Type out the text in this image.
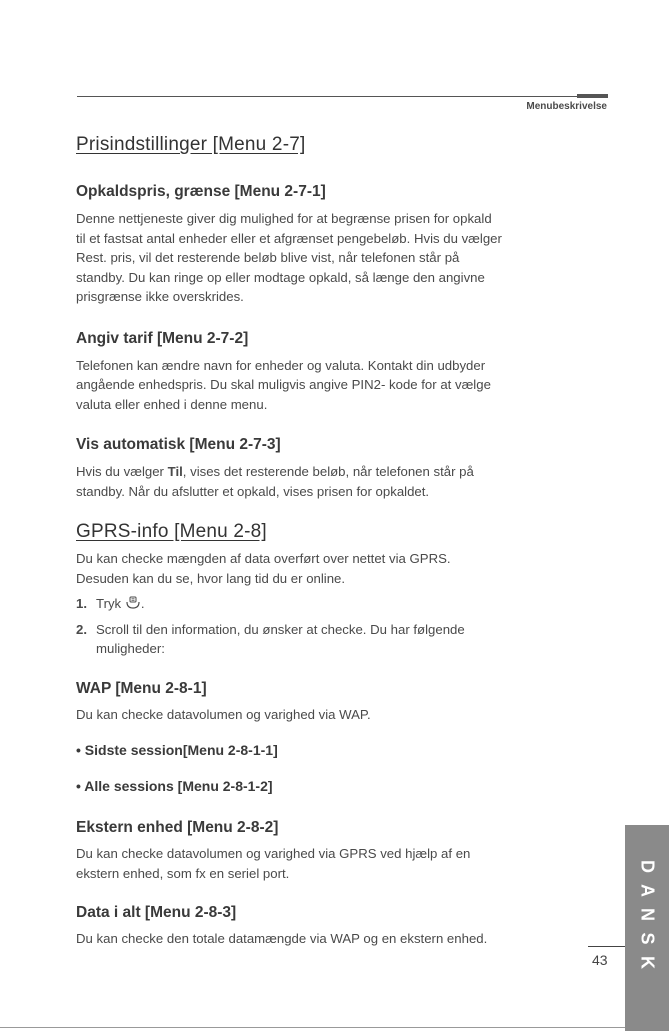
Menubeskrivelse
Prisindstillinger [Menu 2-7]
Opkaldspris, grænse [Menu 2-7-1]

Denne nettjeneste giver dig mulighed for at begrænse prisen for opkald

til et fastsat antal enheder eller et afgrænset pengebeløb. Hvis du vælger

Rest. pris, vil det resterende beløb blive vist, når telefonen står på

standby. Du kan ringe op eller modtage opkald, så længe den angivne

prisgrænse ikke overskrides.

Angiv tarif [Menu 2-7-2]

Telefonen kan ændre navn for enheder og valuta. Kontakt din udbyder

angående enhedspris. Du skal muligvis angive PIN2- kode for at vælge

valuta eller enhed i denne menu.

Vis automatisk [Menu 2-7-3]

Hvis du vælger Til, vises det resterende beløb, når telefonen står på

standby. Når du afslutter et opkald, vises prisen for opkaldet.

GPRS-info [Menu 2-8]

Du kan checke mængden af data overført over nettet via GPRS.

Desuden kan du se, hvor lang tid du er online.

1. Tryk .
2. Scroll til den information, du ønsker at checke. Du har følgende
muligheder:
WAP [Menu 2-8-1]

Du kan checke datavolumen og varighed via WAP.

• Sidste session[Menu 2-8-1-1]

• Alle sessions [Menu 2-8-1-2]

Ekstern enhed [Menu 2-8-2]

Du kan checke datavolumen og varighed via GPRS ved hjælp af en

ekstern enhed, som fx en seriel port.

Data i alt [Menu 2-8-3]

Du kan checke den totale datamængde via WAP og en ekstern enhed.

D
A
N
S
K
43
